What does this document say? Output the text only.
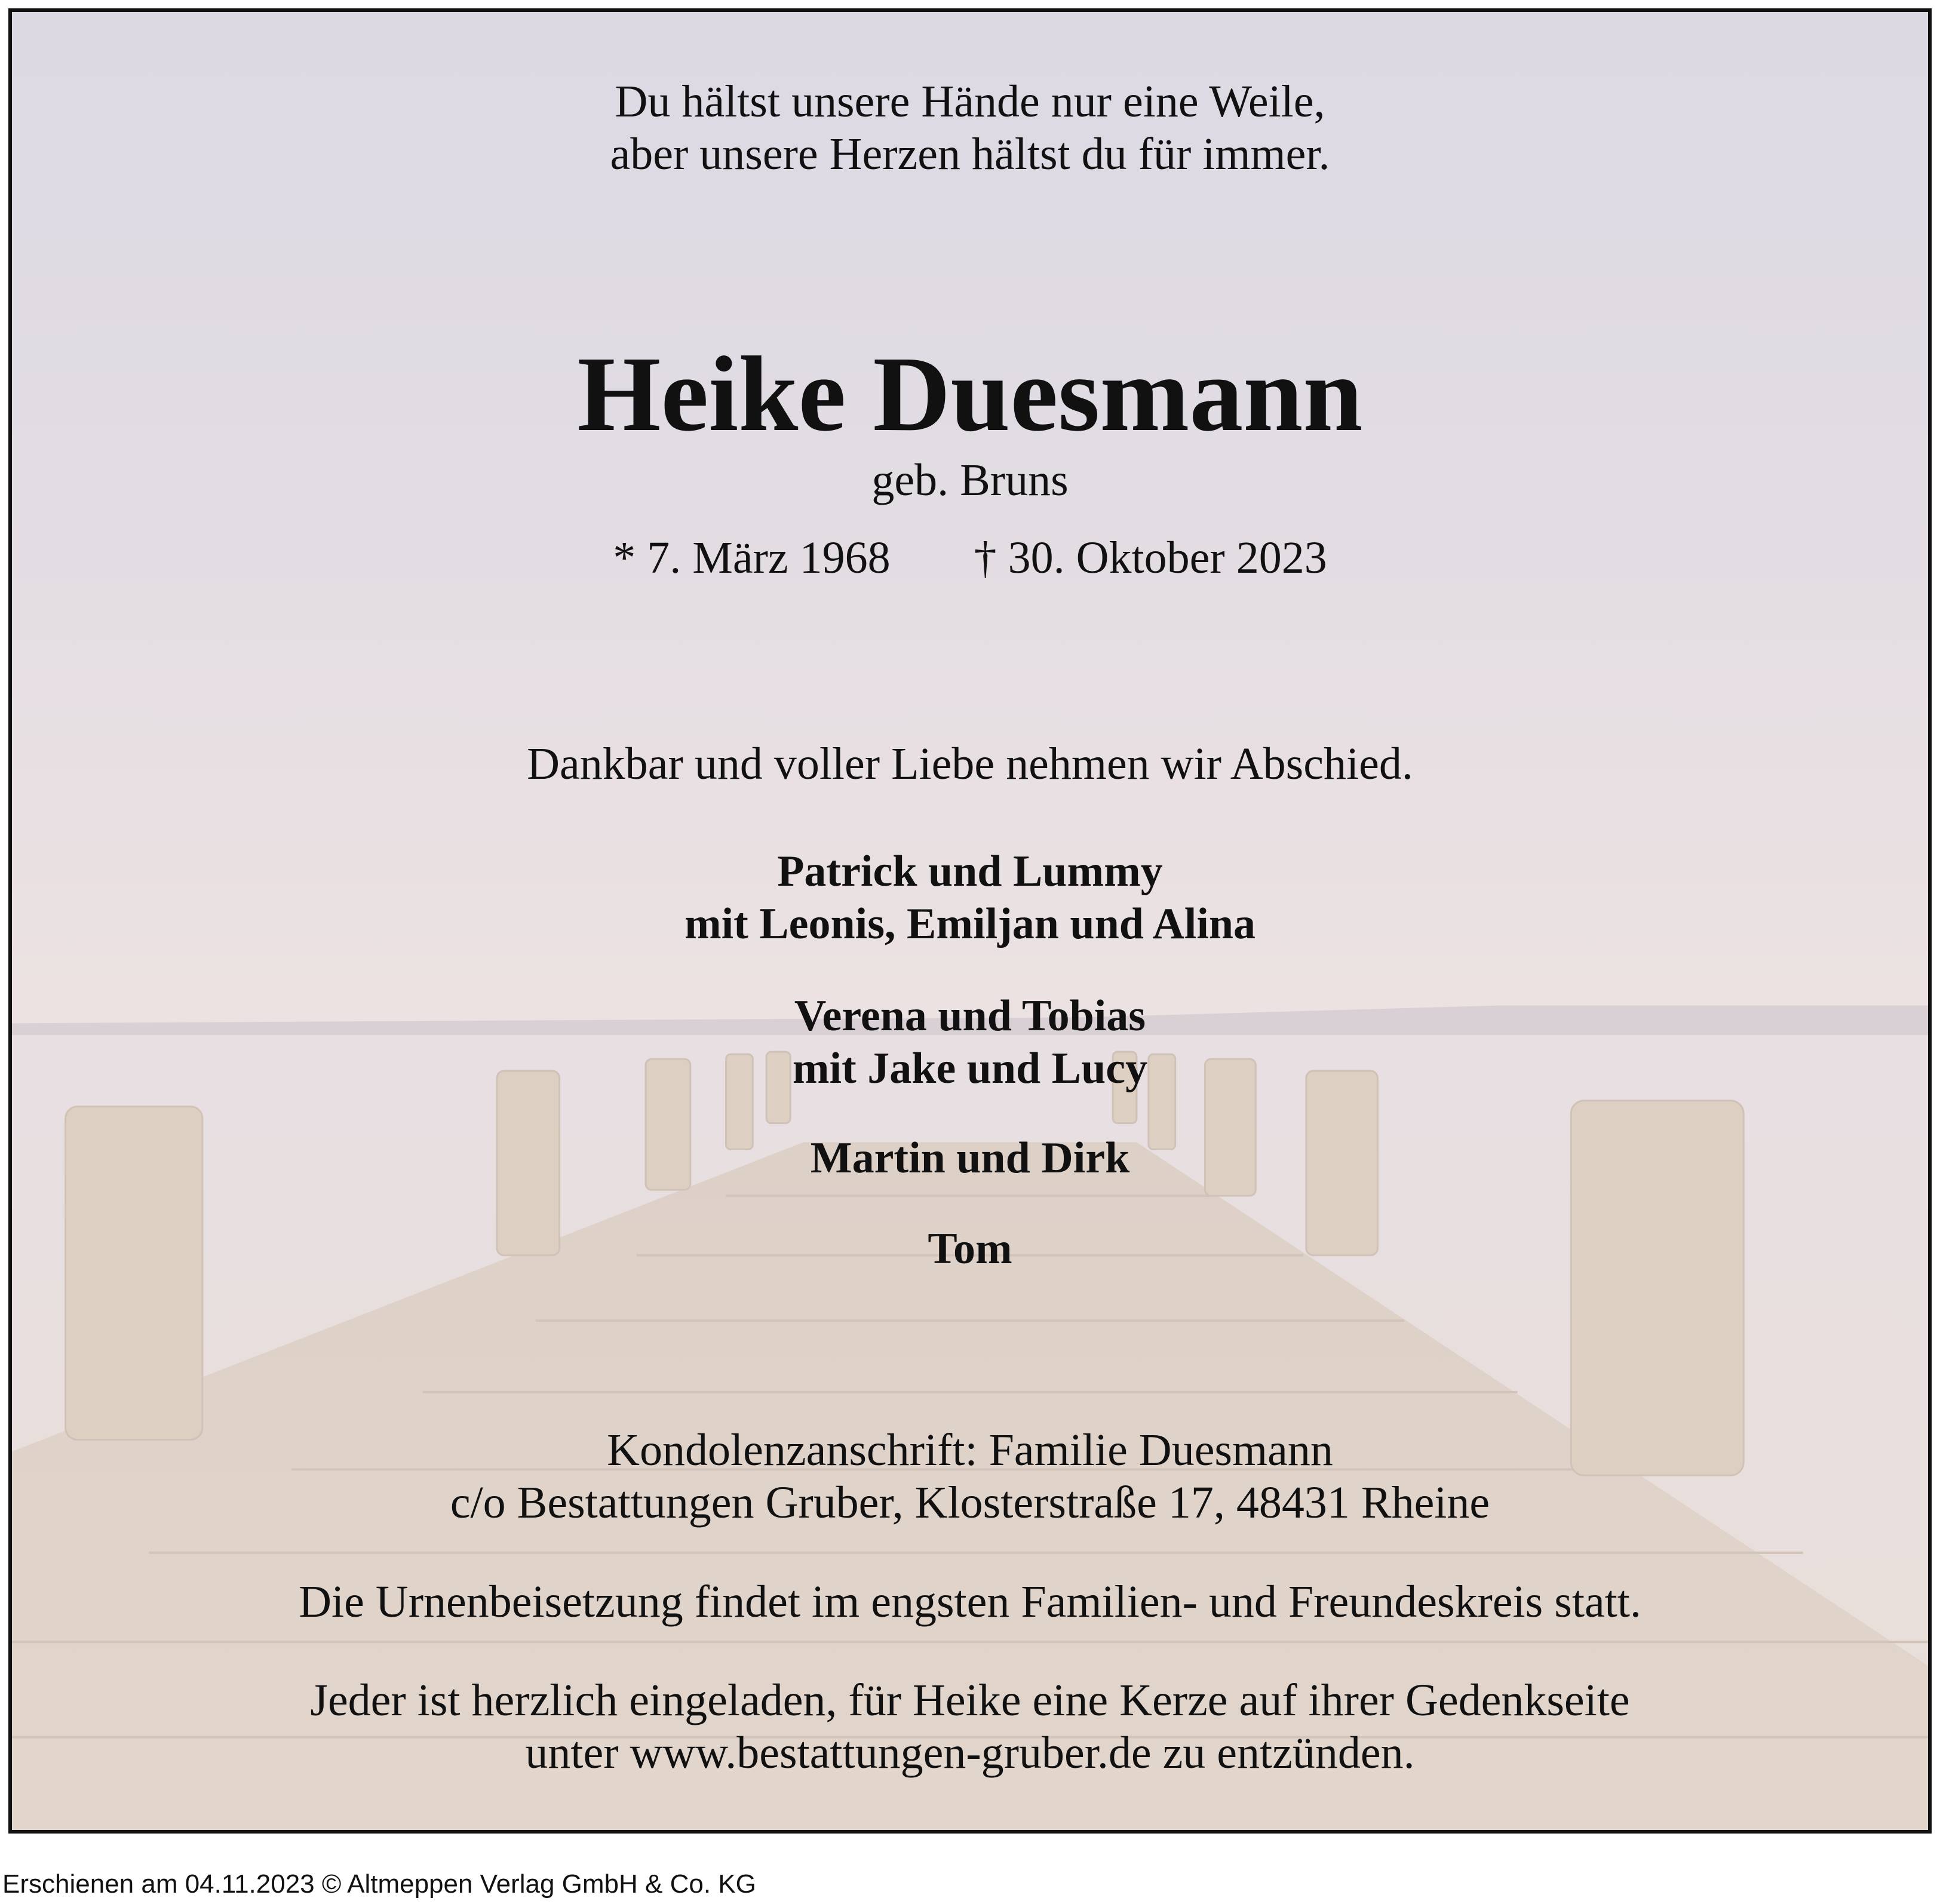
Du hältst unsere Hände nur eine Weile,
aber unsere Herzen hältst du für immer.
Heike Duesmann
geb. Bruns
* 7. März 1968 † 30. Oktober 2023
Dankbar und voller Liebe nehmen wir Abschied.
Patrick und Lummy
mit Leonis, Emiljan und Alina
Verena und Tobias
mit Jake und Lucy
Martin und Dirk
Tom
Kondolenzanschrift: Familie Duesmann
c/o Bestattungen Gruber, Klosterstraße 17, 48431 Rheine
Die Urnenbeisetzung findet im engsten Familien- und Freundeskreis statt.
Jeder ist herzlich eingeladen, für Heike eine Kerze auf ihrer Gedenkseite
unter www.bestattungen-gruber.de zu entzünden.
Erschienen am 04.11.2023 © Altmeppen Verlag GmbH & Co. KG
